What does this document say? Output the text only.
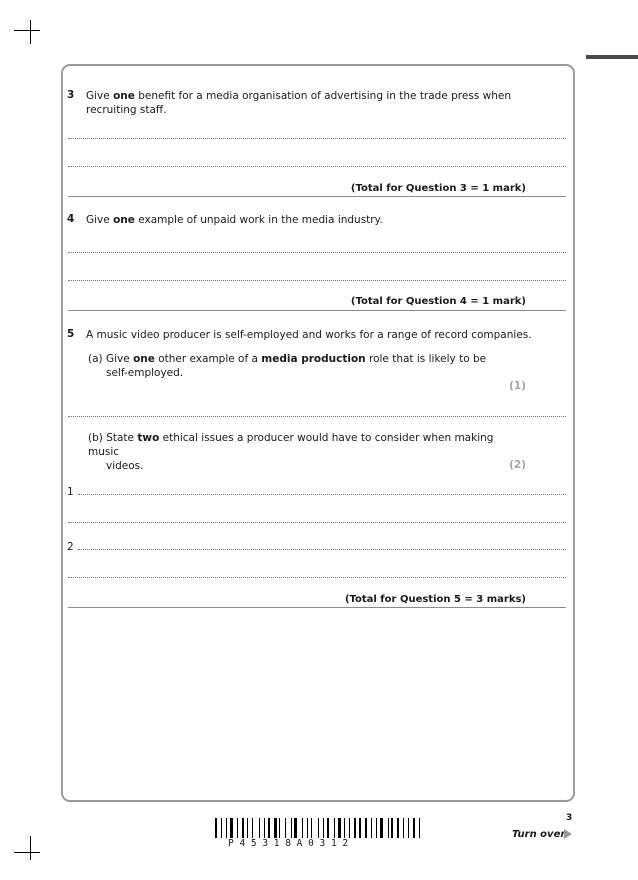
3 Give one benefit for a media organisation of advertising in the trade press when recruiting staff.
(Total for Question 3 = 1 mark)
4 Give one example of unpaid work in the media industry.
(Total for Question 4 = 1 mark)
5 A music video producer is self-employed and works for a range of record companies.
(a) Give one other example of a media production role that is likely to be
self-employed.
(1)
(b) State two ethical issues a producer would have to consider when making music
videos.	(2)
1
2
(Total for Question 5 = 3 marks)
3
P 4 5 3 1 8 A 0 3 1 2
Turn over
